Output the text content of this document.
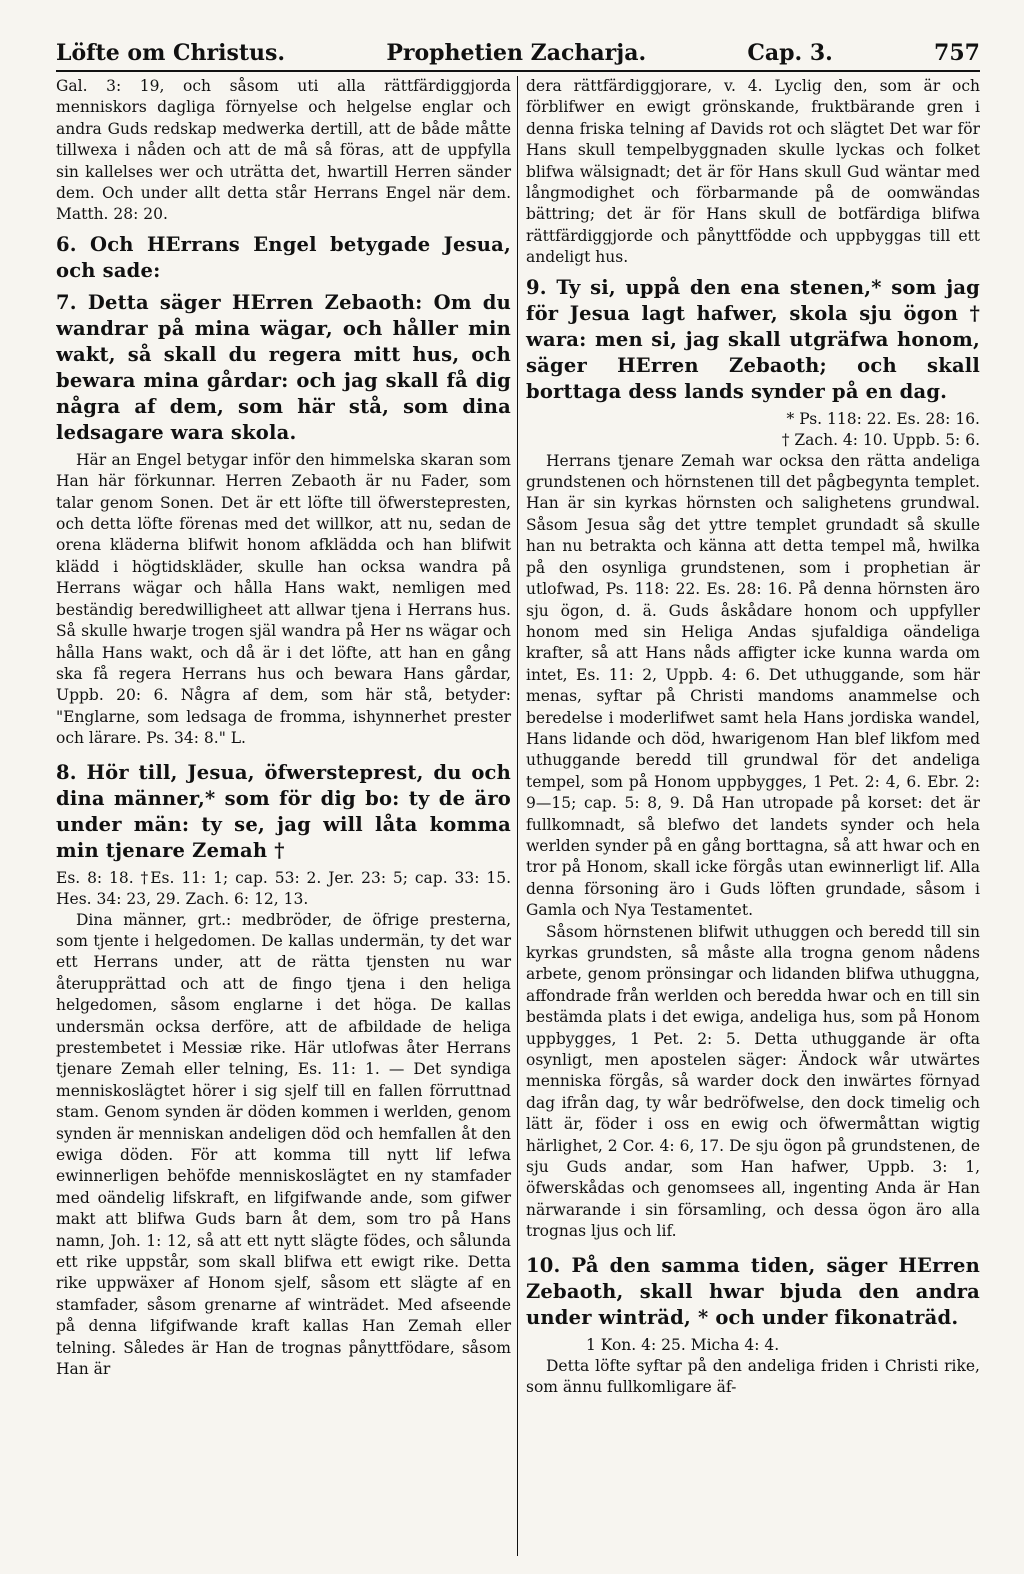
Löfte om Christus.	Prophetien Zacharja.	Cap. 3.	757

Gal. 3: 19, och såsom uti alla rättfärdiggjorda menniskors dagliga förnyelse och helgelse englar och andra Guds redskap medwerka dertill, att de både måtte tillwexa i nåden och att de må så föras, att de uppfylla sin kallelses wer och uträtta det, hwartill Herren sänder dem. Och under allt detta står Herrans Engel när dem. Matth. 28: 20.

6. Och HErrans Engel betygade Jesua, och sade:

7. Detta säger HErren Zebaoth: Om du wandrar på mina wägar, och håller min wakt, så skall du regera mitt hus, och bewara mina gårdar: och jag skall få dig några af dem, som här stå, som dina ledsagare wara skola.

Här an Engel betygar inför den himmelska skaran som Han här förkunnar. Herren Zebaoth är nu Fader, som talar genom Sonen. Det är ett löfte till öfwerstepresten, och detta löfte förenas med det willkor, att nu, sedan de orena kläderna blifwit honom afklädda och han blifwit klädd i högtidskläder, skulle han ocksa wandra på Herrans wägar och hålla Hans wakt, nemligen med beständig beredwilligheet att allwar tjena i Herrans hus. Så skulle hwarje trogen själ wandra på Her ns wägar och hålla Hans wakt, och då är i det löfte, att han en gång ska få regera Herrans hus och bewara Hans gårdar, Uppb. 20: 6. Några af dem, som här stå, betyder: "Englarne, som ledsaga de fromma, ishynnerhet prester och lärare. Ps. 34: 8." L.

8. Hör till, Jesua, öfwersteprest, du och dina männer,* som för dig bo: ty de äro under män: ty se, jag will låta komma min tjenare Zemah †

Es. 8: 18. †Es. 11: 1; cap. 53: 2. Jer. 23: 5; cap. 33: 15. Hes. 34: 23, 29. Zach. 6: 12, 13.

Dina männer, grt.: medbröder, de öfrige presterna, som tjente i helgedomen. De kallas undermän, ty det war ett Herrans under, att de rätta tjensten nu war återupprättad och att de fingo tjena i den heliga helgedomen, såsom englarne i det höga. De kallas undersmän ocksa derföre, att de afbildade de heliga prestembetet i Messiæ rike. Här utlofwas åter Herrans tjenare Zemah eller telning, Es. 11: 1. — Det syndiga menniskoslägtet hörer i sig sjelf till en fallen förruttnad stam. Genom synden är döden kommen i werlden, genom synden är menniskan andeligen död och hemfallen åt den ewiga döden. För att komma till nytt lif lefwa ewinnerligen behöfde menniskoslägtet en ny stamfader med oändelig lifskraft, en lifgifwande ande, som gifwer makt att blifwa Guds barn åt dem, som tro på Hans namn, Joh. 1: 12, så att ett nytt slägte födes, och sålunda ett rike uppstår, som skall blifwa ett ewigt rike. Detta rike uppwäxer af Honom sjelf, såsom ett slägte af en stamfader, såsom grenarne af winträdet. Med afseende på denna lifgifwande kraft kallas Han Zemah eller telning. Således är Han de trognas pånyttfödare, såsom Han är

dera rättfärdiggjorare, v. 4. Lyclig den, som är och förblifwer en ewigt grönskande, fruktbärande gren i denna friska telning af Davids rot och slägtet Det war för Hans skull tempelbyggnaden skulle lyckas och folket blifwa wälsignadt; det är för Hans skull Gud wäntar med långmodighet och förbarmande på de oomwändas bättring; det är för Hans skull de botfärdiga blifwa rättfärdiggjorde och pånyttfödde och uppbyggas till ett andeligt hus.

9. Ty si, uppå den ena stenen,* som jag för Jesua lagt hafwer, skola sju ögon † wara: men si, jag skall utgräfwa honom, säger HErren Zebaoth; och skall borttaga dess lands synder på en dag.

* Ps. 118: 22. Es. 28: 16.

† Zach. 4: 10. Uppb. 5: 6.

Herrans tjenare Zemah war ocksa den rätta andeliga grundstenen och hörnstenen till det pågbegynta templet. Han är sin kyrkas hörnsten och salighetens grundwal. Såsom Jesua såg det yttre templet grundadt så skulle han nu betrakta och känna att detta tempel må, hwilka på den osynliga grundstenen, som i prophetian är utlofwad, Ps. 118: 22. Es. 28: 16. På denna hörnsten äro sju ögon, d. ä. Guds åskådare honom och uppfyller honom med sin Heliga Andas sjufaldiga oändeliga krafter, så att Hans nåds affigter icke kunna warda om intet, Es. 11: 2, Uppb. 4: 6. Det uthuggande, som här menas, syftar på Christi mandoms anammelse och beredelse i moderlifwet samt hela Hans jordiska wandel, Hans lidande och död, hwarigenom Han blef likfom med uthuggande beredd till grundwal för det andeliga tempel, som på Honom uppbygges, 1 Pet. 2: 4, 6. Ebr. 2: 9—15; cap. 5: 8, 9. Då Han utropade på korset: det är fullkomnadt, så blefwo det landets synder och hela werlden synder på en gång borttagna, så att hwar och en tror på Honom, skall icke förgås utan ewinnerligt lif. Alla denna försoning äro i Guds löften grundade, såsom i Gamla och Nya Testamentet.

Såsom hörnstenen blifwit uthuggen och beredd till sin kyrkas grundsten, så måste alla trogna genom nådens arbete, genom prönsingar och lidanden blifwa uthuggna, affondrade från werlden och beredda hwar och en till sin bestämda plats i det ewiga, andeliga hus, som på Honom uppbygges, 1 Pet. 2: 5. Detta uthuggande är ofta osynligt, men apostelen säger: Ändock wår utwärtes menniska förgås, så warder dock den inwärtes förnyad dag ifrån dag, ty wår bedröfwelse, den dock timelig och lätt är, föder i oss en ewig och öfwermåttan wigtig härlighet, 2 Cor. 4: 6, 17. De sju ögon på grundstenen, de sju Guds andar, som Han hafwer, Uppb. 3: 1, öfwerskådas och genomsees all, ingenting Anda är Han närwarande i sin församling, och dessa ögon äro alla trognas ljus och lif.

10. På den samma tiden, säger HErren Zebaoth, skall hwar bjuda den andra under winträd, * och under fikonaträd.

1 Kon. 4: 25. Micha 4: 4.

Detta löfte syftar på den andeliga friden i Christi rike, som ännu fullkomligare äf-
